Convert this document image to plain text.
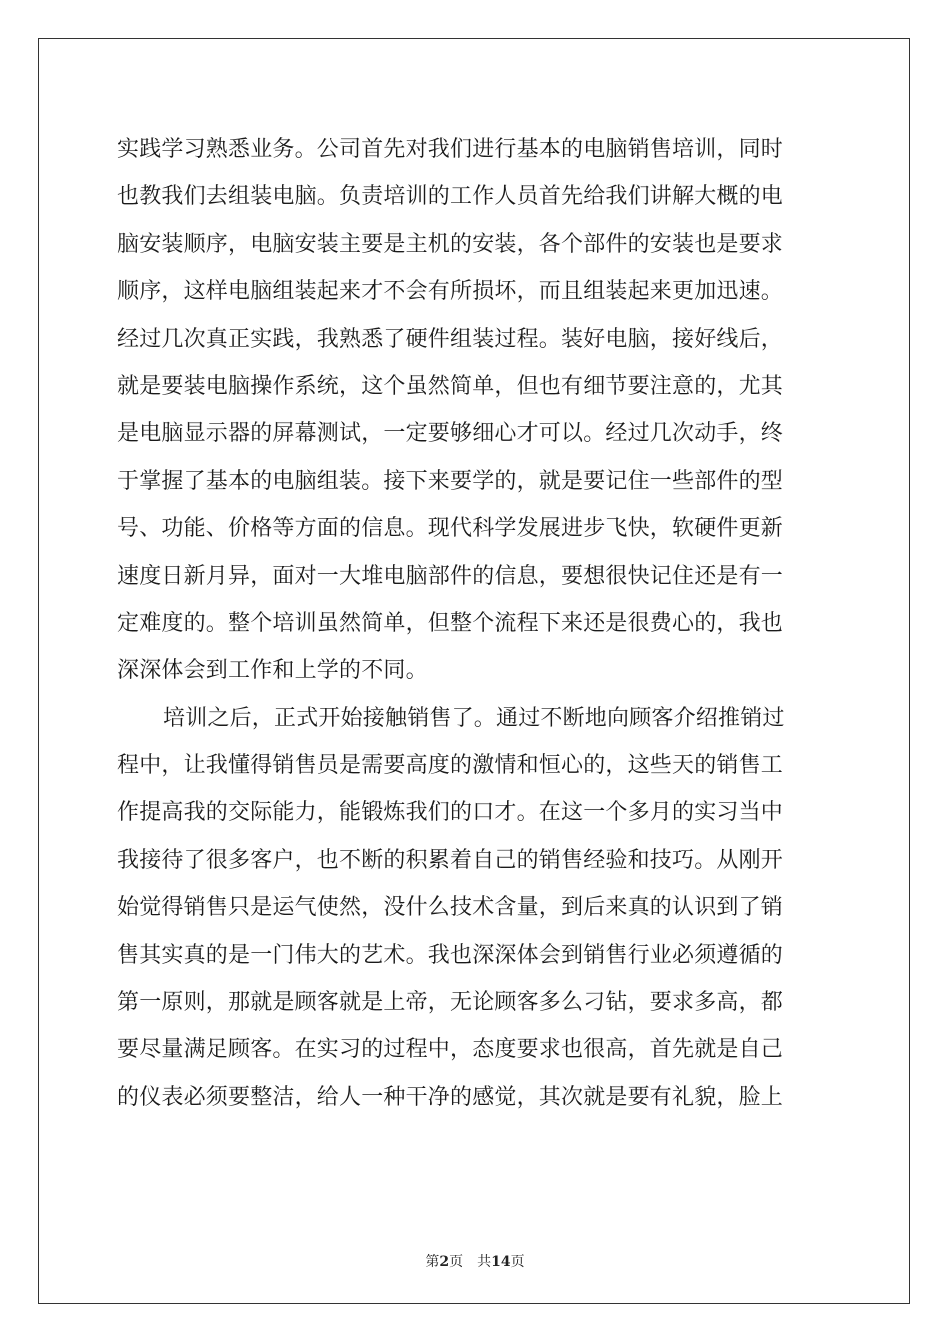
实践学习熟悉业务。公司首先对我们进行基本的电脑销售培训，同时
也教我们去组装电脑。负责培训的工作人员首先给我们讲解大概的电
脑安装顺序，电脑安装主要是主机的安装，各个部件的安装也是要求
顺序，这样电脑组装起来才不会有所损坏，而且组装起来更加迅速。
经过几次真正实践，我熟悉了硬件组装过程。装好电脑，接好线后，
就是要装电脑操作系统，这个虽然简单，但也有细节要注意的，尤其
是电脑显示器的屏幕测试，一定要够细心才可以。经过几次动手，终
于掌握了基本的电脑组装。接下来要学的，就是要记住一些部件的型
号、功能、价格等方面的信息。现代科学发展进步飞快，软硬件更新
速度日新月异，面对一大堆电脑部件的信息，要想很快记住还是有一
定难度的。整个培训虽然简单，但整个流程下来还是很费心的，我也
深深体会到工作和上学的不同。
培训之后，正式开始接触销售了。通过不断地向顾客介绍推销过
程中，让我懂得销售员是需要高度的激情和恒心的，这些天的销售工
作提高我的交际能力，能锻炼我们的口才。在这一个多月的实习当中
我接待了很多客户，也不断的积累着自己的销售经验和技巧。从刚开
始觉得销售只是运气使然，没什么技术含量，到后来真的认识到了销
售其实真的是一门伟大的艺术。我也深深体会到销售行业必须遵循的
第一原则，那就是顾客就是上帝，无论顾客多么刁钻，要求多高，都
要尽量满足顾客。在实习的过程中，态度要求也很高，首先就是自己
的仪表必须要整洁，给人一种干净的感觉，其次就是要有礼貌，脸上
第2页 共14页
